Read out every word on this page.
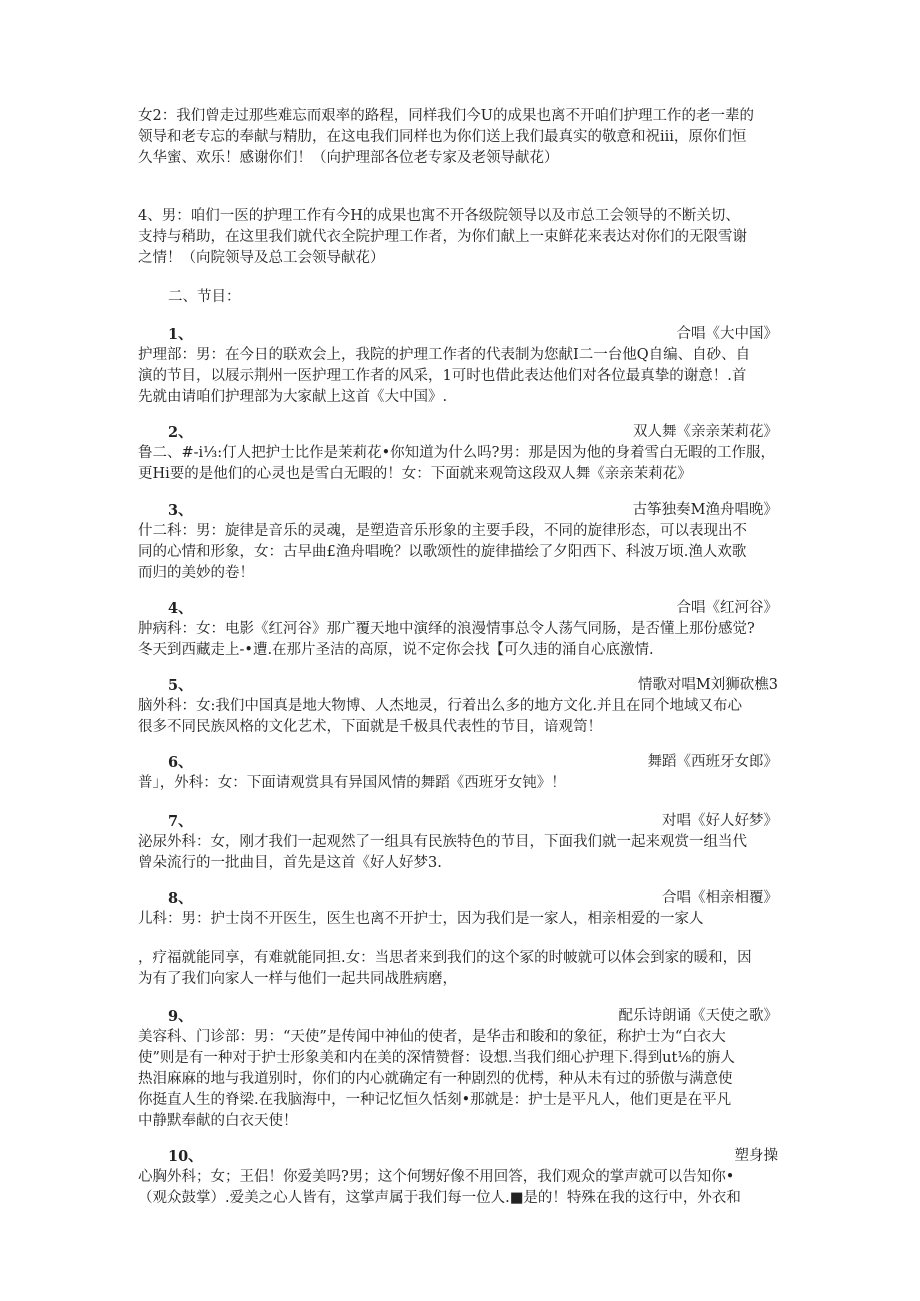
女2：我们曾走过那些难忘而艰率的路程，同样我们今U的成果也离不开咱们护理工作的老一辈的
领导和老专忘的奉献与精肋，在这电我们同样也为你们送上我们最真实的敬意和祝ⅲ，原你们恒
久华蜜、欢乐！感谢你们！（向护理部各位老专家及老领导献花）
4、男：咱们一医的护理工作有今H的成果也寓不开各级院领导以及市总工会领导的不断关切、
支持与稍助，在这里我们就代衣全院护理工作者，为你们献上一束鲜花来表达对你们的无限雪谢
之情！（向院领导及总工会领导献花）
二、节目：
1、	合唱《大中国》
护理部：男：在今日的联欢会上，我院的护理工作者的代表制为您献I二一台他Q自编、自砂、自
演的节目，以屐示荆州一医护理工作者的风采，1可时也借此表达他们对各位最真挚的谢意！.首
先就由请咱们护理部为大家献上这首《大中国》.
2、	双人舞《亲亲茉莉花》
鲁二、#-i⅓:仃人把护士比作是茉莉花•你知道为什么吗?男：那是因为他的身着雪白无暇的工作服，
更Hi要的是他们的心灵也是雪白无暇的！女：下面就来观笥这段双人舞《亲亲茉莉花》
3、	古筝独奏M渔舟唱晚》
什二科：男：旋律是音乐的灵魂，是塑造音乐形象的主要手段，不同的旋律形态，可以表现出不
同的心情和形象，女：古早曲£渔舟唱晚？以歌颂性的旋律描绘了夕阳西下、科波万顷.渔人欢歌
而归的美妙的卷！
4、	合唱《红河谷》
肿病科：女：电影《红河谷》那广覆天地中演绎的浪漫情事总令人荡气同肠，是否懂上那份感觉?
冬天到西藏走上-•遭.在那片圣洁的高原，说不定你会找【可久违的涌自心底激情.
5、	情歌对唱M刘狮砍樵3
脑外科：女:我们中国真是地大物博、人杰地灵，行着出么多的地方文化.并且在同个地域又布心
很多不同民族风格的文化艺术，下面就是千极具代表性的节目，谙观笥！
6、	舞蹈《西班牙女郎》
普」，外科：女：下面请观赏具有异国风情的舞蹈《西班牙女钝》！
7、	对唱《好人好梦》
泌尿外科：女，刚才我们一起观然了一组具有民族特色的节目，下面我们就一起来观赏一组当代
曾朵流行的一批曲目，首先是这首《好人好梦3.
8、	合唱《相亲相覆》
儿科：男：护士岗不开医生，医生也离不开护士，因为我们是一家人，相亲相爱的一家人
，疗福就能同享，有难就能同担.女：当思者来到我们的这个冢的时帔就可以体会到家的暖和，因
为有了我们向家人一样与他们一起共同战胜病磨，
9、	配乐诗朗诵《天使之歌》
美容科、门诊部：男：“天使”是传闻中神仙的使者，是华击和睃和的象征，称护士为“白衣大
使”则是有一种对于护士形象美和内在美的深情赞督：设想.当我们细心护理下.得到ut⅛的旃人
热泪麻麻的地与我道别时，你们的内心就确定有一种剧烈的优樗，种从未有过的骄傲与满意使
你挺直人生的脊梁.在我脑海中，一种记忆恒久恬刻•那就是：护士是平凡人，他们更是在平凡
中静默奉献的白衣天使！
10、	塑身操
心胸外科；女；王侣！你爱美吗?男；这个何甥好像不用回答，我们观众的掌声就可以告知你•
（观众鼓掌）.爱美之心人皆有，这掌声属于我们每一位人.■是的！特殊在我的这行中，外衣和
